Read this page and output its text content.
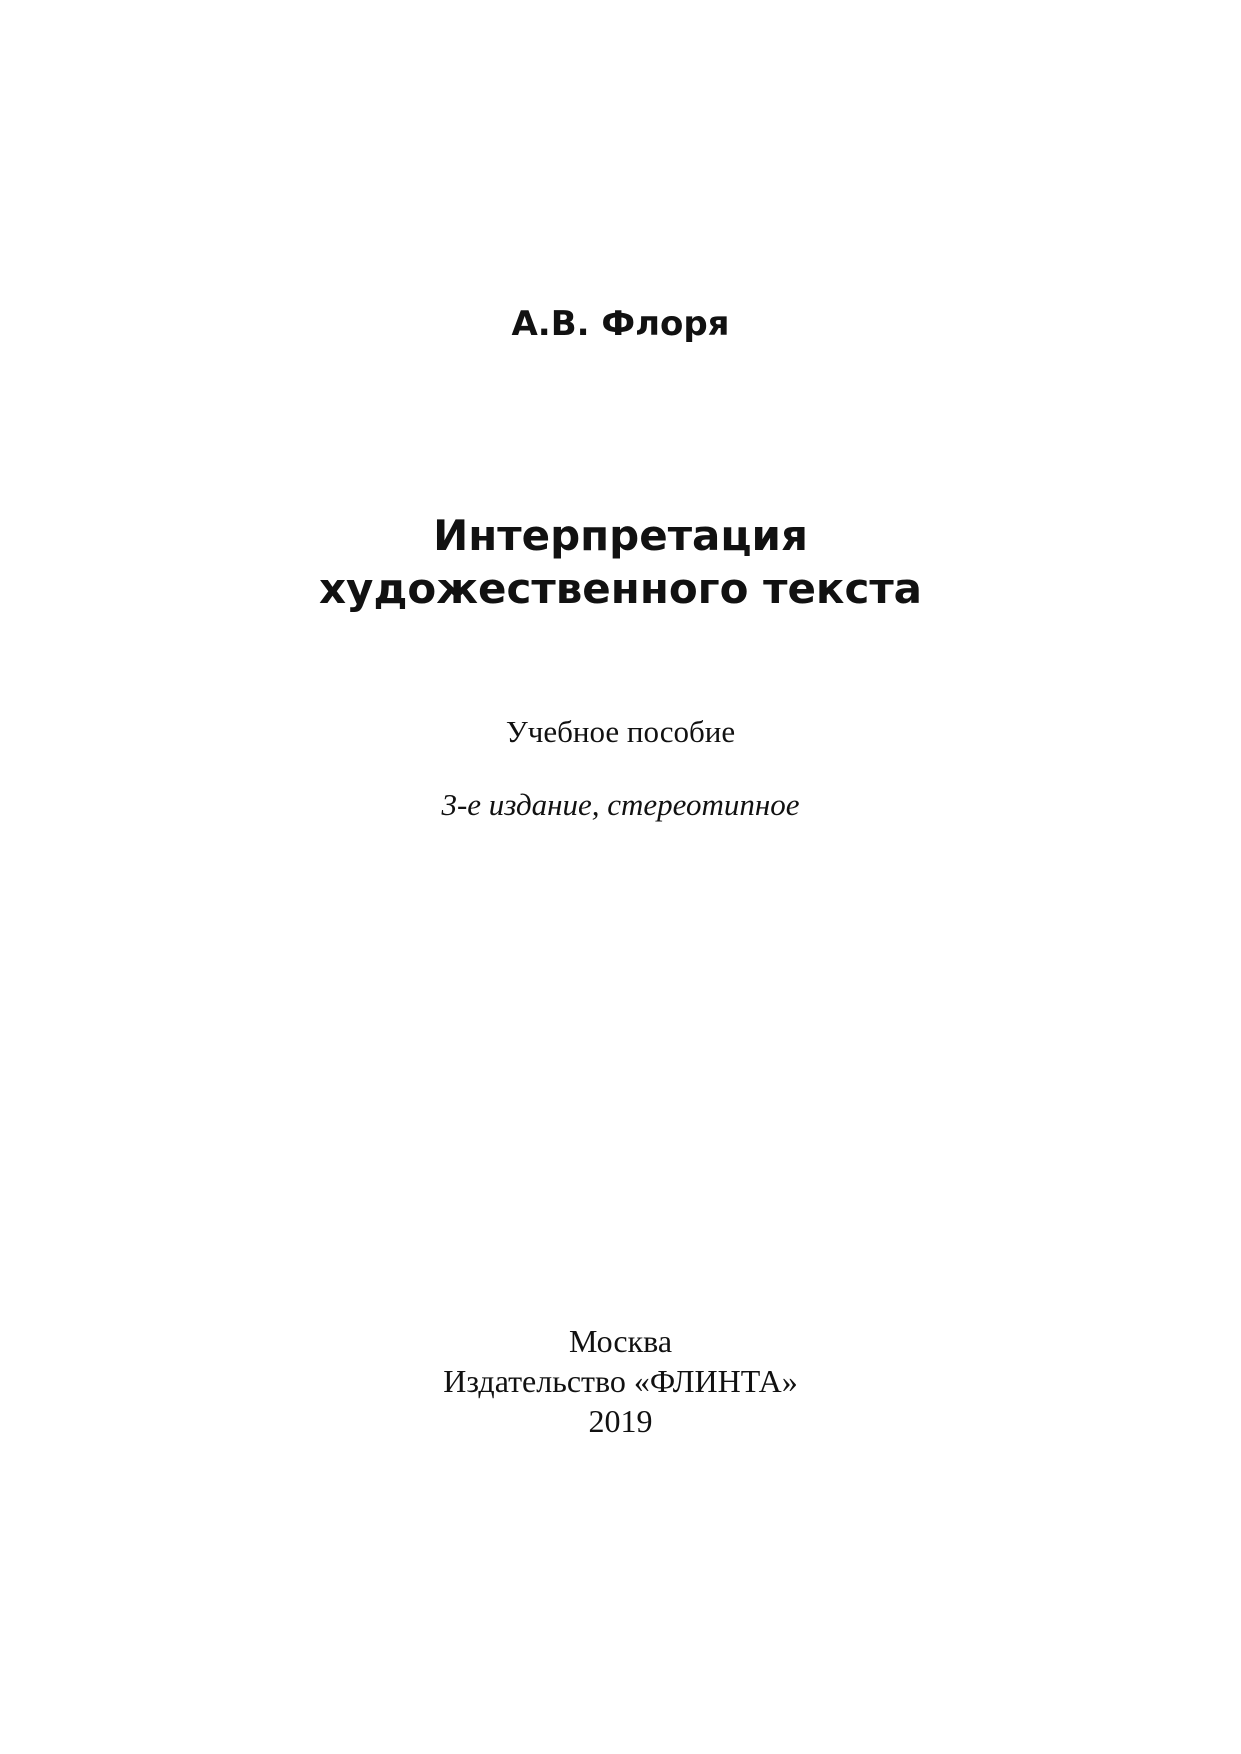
А.В. Флоря
Интерпретация
художественного текста
Учебное пособие
3-е издание, стереотипное
Москва
Издательство «ФЛИНТА»
2019
